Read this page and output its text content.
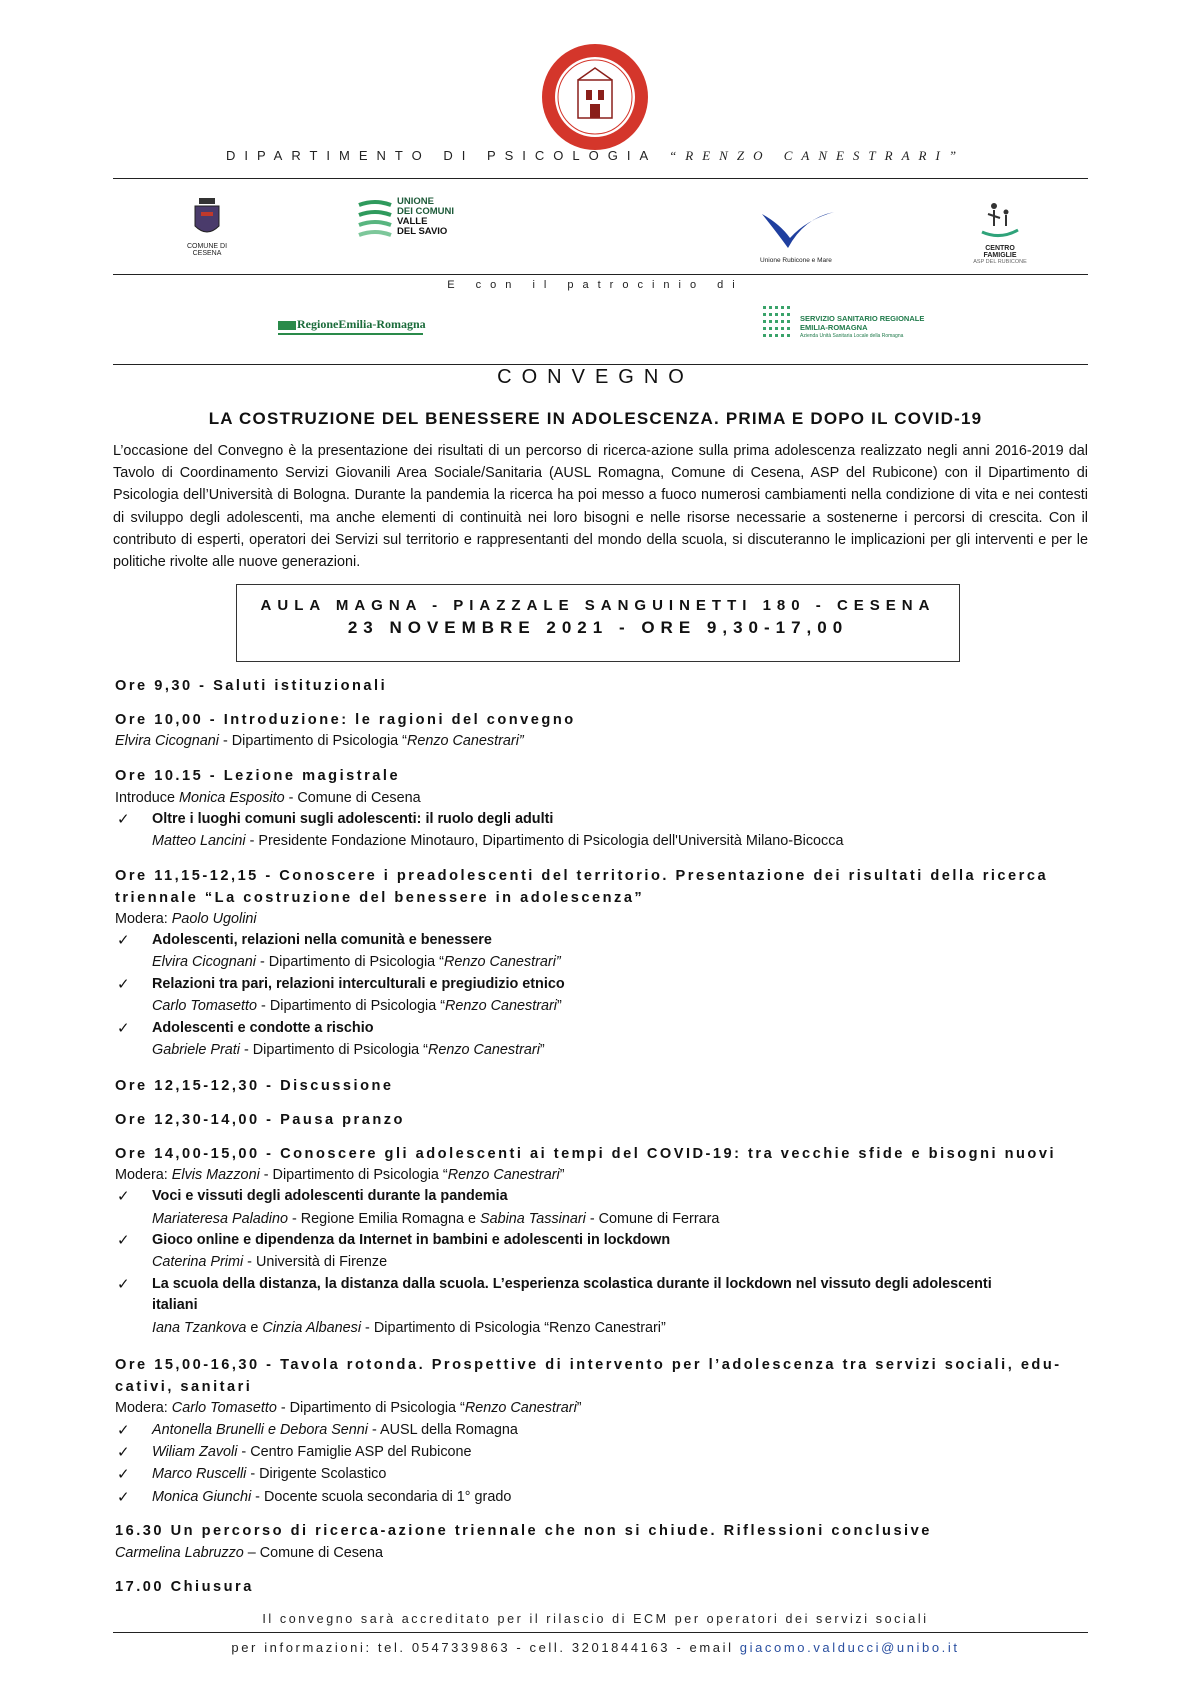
DIPARTIMENTO DI PSICOLOGIA “RENZO CANESTRARI”
COMUNE DI CESENA
UNIONE
DEI COMUNI
VALLE
DEL SAVIO
Unione Rubicone e Mare
CENTRO FAMIGLIE
ASP DEL RUBICONE
E con il patrocinio di
RegioneEmilia-Romagna	SERVIZIO SANITARIO REGIONALE
EMILIA-ROMAGNA
Azienda Unità Sanitaria Locale della Romagna
CONVEGNO
LA COSTRUZIONE DEL BENESSERE IN ADOLESCENZA. PRIMA E DOPO IL COVID-19
L’occasione del Convegno è la presentazione dei risultati di un percorso di ricerca-azione sulla prima adolescenza realizzato negli anni 2016-2019 dal Tavolo di Coordinamento Servizi Giovanili Area Sociale/Sanitaria (AUSL Romagna, Comune di Cesena, ASP del Rubicone) con il Dipartimento di Psicologia dell’Università di Bologna. Durante la pandemia la ricerca ha poi messo a fuoco numerosi cambiamenti nella condizione di vita e nei contesti di sviluppo degli adolescenti, ma anche elementi di continuità nei loro bisogni e nelle risorse necessarie a sostenerne i percorsi di crescita. Con il contributo di esperti, operatori dei Servizi sul territorio e rappresentanti del mondo della scuola, si discuteranno le implicazioni per gli interventi e per le politiche rivolte alle nuove generazioni.
AULA MAGNA - PIAZZALE SANGUINETTI 180 - CESENA
23 NOVEMBRE 2021 - ORE 9,30-17,00
Ore 9,30 - Saluti istituzionali
Ore 10,00 - Introduzione: le ragioni del convegno
Elvira Cicognani - Dipartimento di Psicologia “Renzo Canestrari”
Ore 10.15 - Lezione magistrale
Introduce Monica Esposito - Comune di Cesena
✓ Oltre i luoghi comuni sugli adolescenti: il ruolo degli adulti
Matteo Lancini - Presidente Fondazione Minotauro, Dipartimento di Psicologia dell'Università Milano-Bicocca
Ore 11,15-12,15 - Conoscere i preadolescenti del territorio. Presentazione dei risultati della ricerca
triennale “La costruzione del benessere in adolescenza”
Modera: Paolo Ugolini
✓ Adolescenti, relazioni nella comunità e benessere
Elvira Cicognani - Dipartimento di Psicologia “Renzo Canestrari”
✓ Relazioni tra pari, relazioni interculturali e pregiudizio etnico
Carlo Tomasetto - Dipartimento di Psicologia “Renzo Canestrari”
✓ Adolescenti e condotte a rischio
Gabriele Prati - Dipartimento di Psicologia “Renzo Canestrari”
Ore 12,15-12,30 - Discussione
Ore 12,30-14,00 - Pausa pranzo
Ore 14,00-15,00 - Conoscere gli adolescenti ai tempi del COVID-19: tra vecchie sfide e bisogni nuovi
Modera: Elvis Mazzoni - Dipartimento di Psicologia “Renzo Canestrari”
✓ Voci e vissuti degli adolescenti durante la pandemia
Mariateresa Paladino - Regione Emilia Romagna e Sabina Tassinari - Comune di Ferrara
✓ Gioco online e dipendenza da Internet in bambini e adolescenti in lockdown
Caterina Primi - Università di Firenze
✓ La scuola della distanza, la distanza dalla scuola. L’esperienza scolastica durante il lockdown nel vissuto degli adolescenti
italiani
Iana Tzankova e Cinzia Albanesi - Dipartimento di Psicologia “Renzo Canestrari”
Ore 15,00-16,30 - Tavola rotonda. Prospettive di intervento per l’adolescenza tra servizi sociali, edu-
cativi, sanitari
Modera: Carlo Tomasetto - Dipartimento di Psicologia “Renzo Canestrari”
✓ Antonella Brunelli e Debora Senni - AUSL della Romagna
✓ Wiliam Zavoli - Centro Famiglie ASP del Rubicone
✓ Marco Ruscelli - Dirigente Scolastico
✓ Monica Giunchi - Docente scuola secondaria di 1° grado
16.30 Un percorso di ricerca-azione triennale che non si chiude. Riflessioni conclusive
Carmelina Labruzzo – Comune di Cesena
17.00 Chiusura
Il convegno sarà accreditato per il rilascio di ECM per operatori dei servizi sociali
per informazioni: tel. 0547339863 - cell. 3201844163 - email giacomo.valducci@unibo.it
